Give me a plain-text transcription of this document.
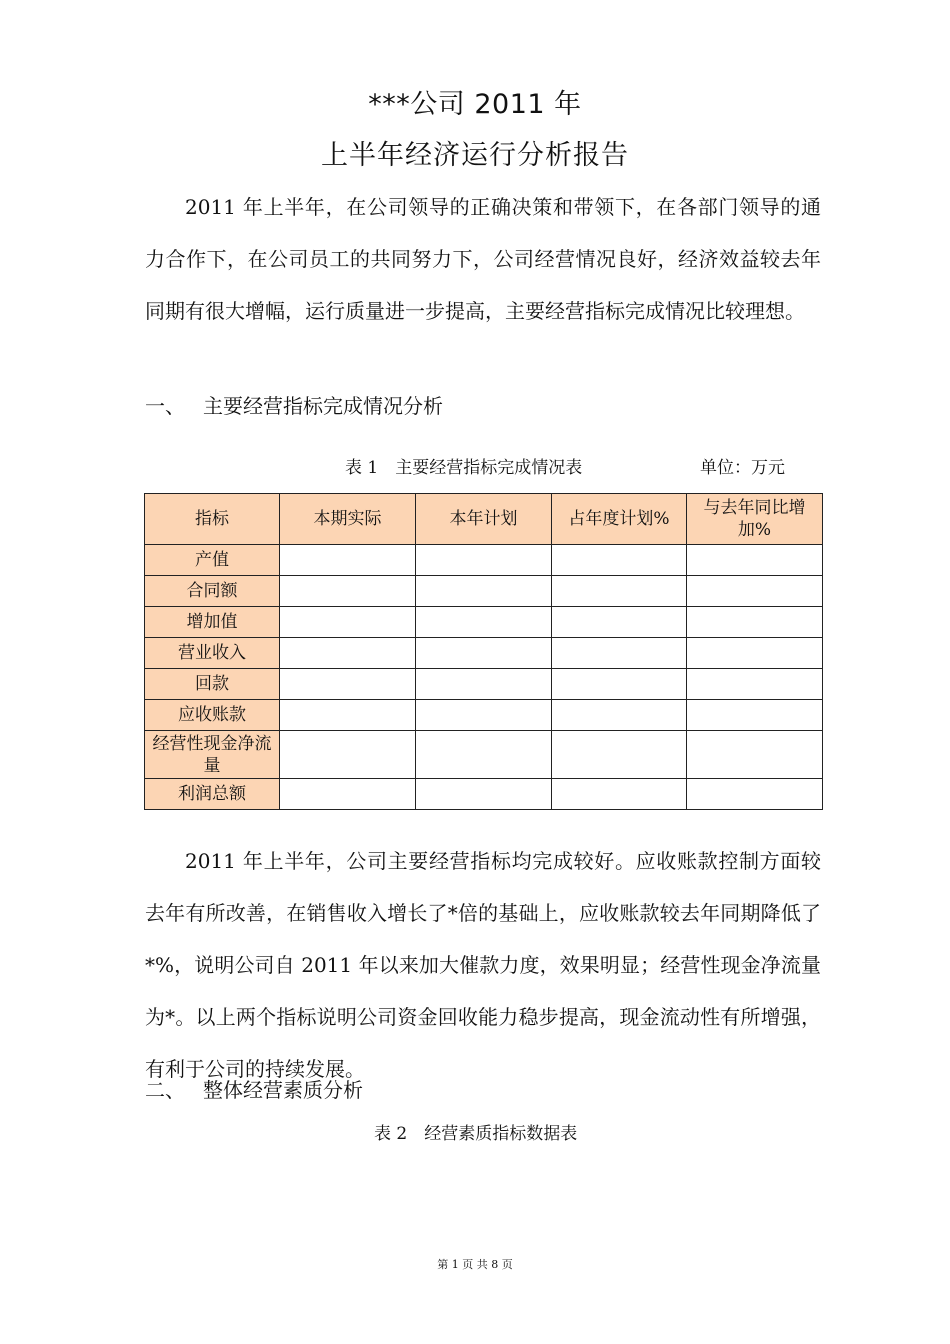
***公司 2011 年
上半年经济运行分析报告
2011 年上半年，在公司领导的正确决策和带领下，在各部门领导的通力合作下，在公司员工的共同努力下，公司经营情况良好，经济效益较去年同期有很大增幅，运行质量进一步提高，主要经营指标完成情况比较理想。
一、 主要经营指标完成情况分析
表 1　主要经营指标完成情况表	单位：万元
指标	本期实际	本年计划	占年度计划%	与去年同比增加%
产值				
合同额				
增加值				
营业收入				
回款				
应收账款				
经营性现金净流量				
利润总额				
2011 年上半年，公司主要经营指标均完成较好。应收账款控制方面较去年有所改善，在销售收入增长了*倍的基础上，应收账款较去年同期降低了*%，说明公司自 2011 年以来加大催款力度，效果明显；经营性现金净流量为*。以上两个指标说明公司资金回收能力稳步提高，现金流动性有所增强，有利于公司的持续发展。
二、 整体经营素质分析
表 2　经营素质指标数据表
第 1 页 共 8 页
